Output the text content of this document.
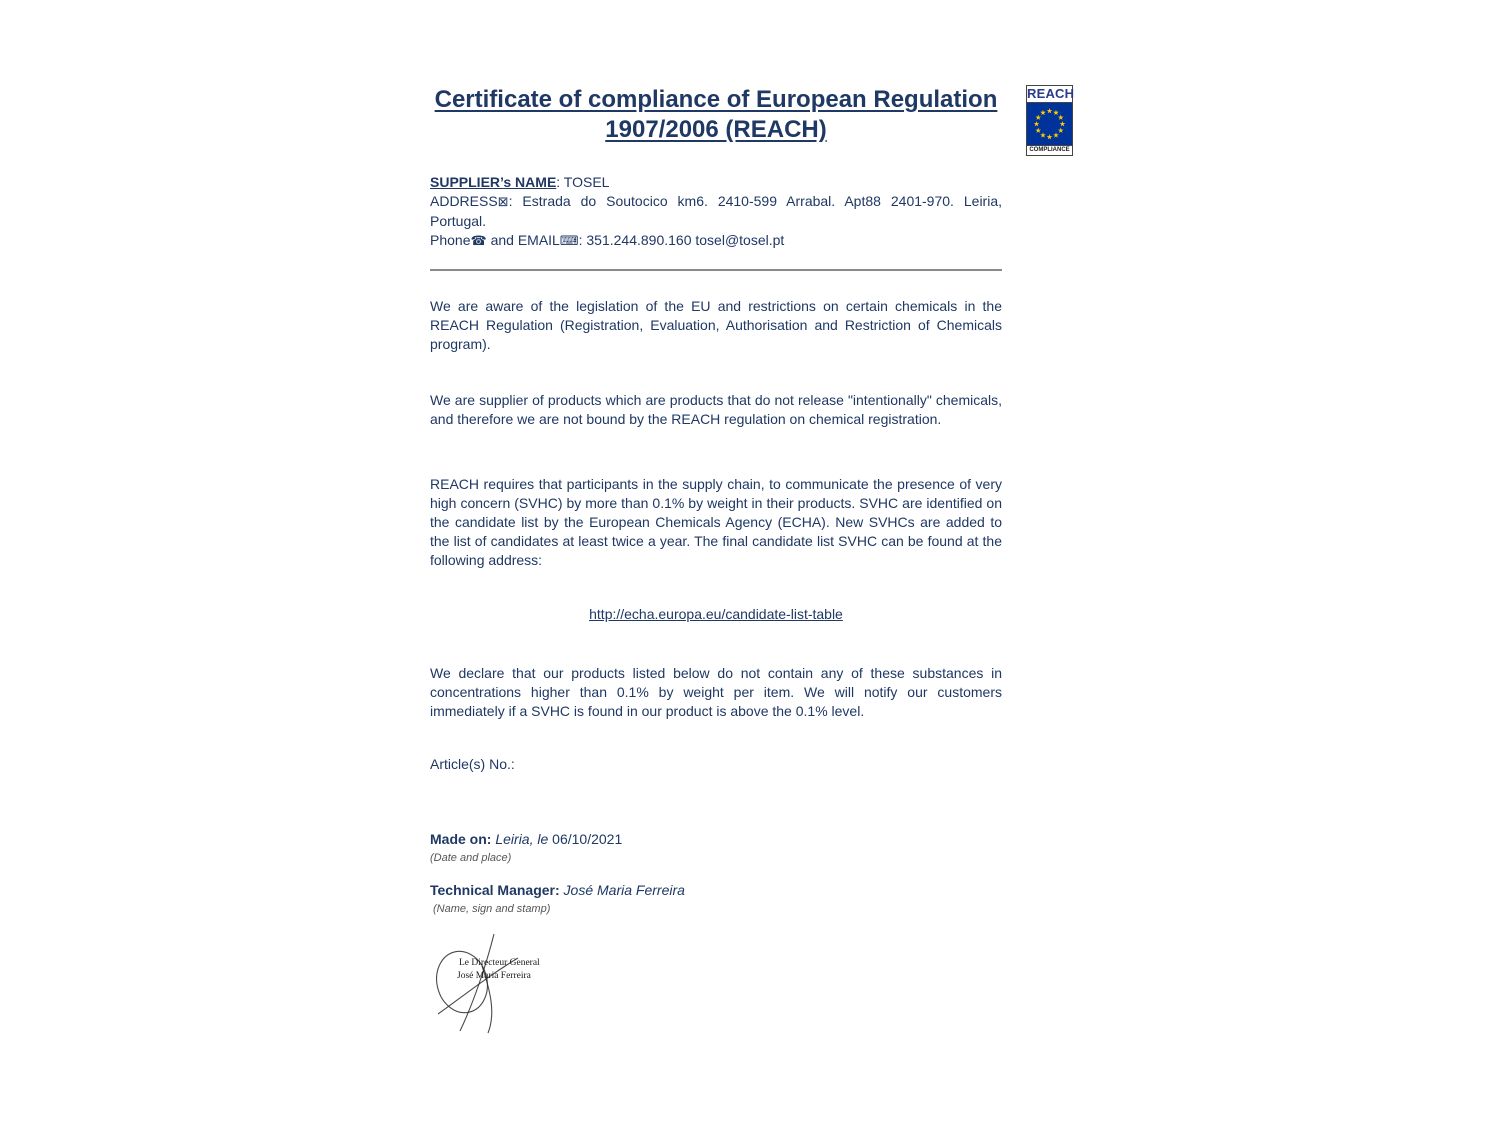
REACH
COMPLIANCE
Certificate of compliance of European Regulation
1907/2006 (REACH)

SUPPLIER’s NAME: TOSEL

ADDRESS⊠: Estrada do Soutocico km6. 2410-599 Arrabal. Apt88 2401-970. Leiria, Portugal.

Phone☎ and EMAIL⌨: 351.244.890.160 tosel@tosel.pt

We are aware of the legislation of the EU and restrictions on certain chemicals in the REACH Regulation (Registration, Evaluation, Authorisation and Restriction of Chemicals program).

We are supplier of products which are products that do not release "intentionally" chemicals, and therefore we are not bound by the REACH regulation on chemical registration.

REACH requires that participants in the supply chain, to communicate the presence of very high concern (SVHC) by more than 0.1% by weight in their products. SVHC are identified on the candidate list by the European Chemicals Agency (ECHA). New SVHCs are added to the list of candidates at least twice a year. The final candidate list SVHC can be found at the following address:

http://echa.europa.eu/candidate-list-table

We declare that our products listed below do not contain any of these substances in concentrations higher than 0.1% by weight per item. We will notify our customers immediately if a SVHC is found in our product is above the 0.1% level.

Article(s) No.:

Made on: Leiria, le 06/10/2021

(Date and place)

Technical Manager: José Maria Ferreira

(Name, sign and stamp)

Le Directeur General
José Maria Ferreira
